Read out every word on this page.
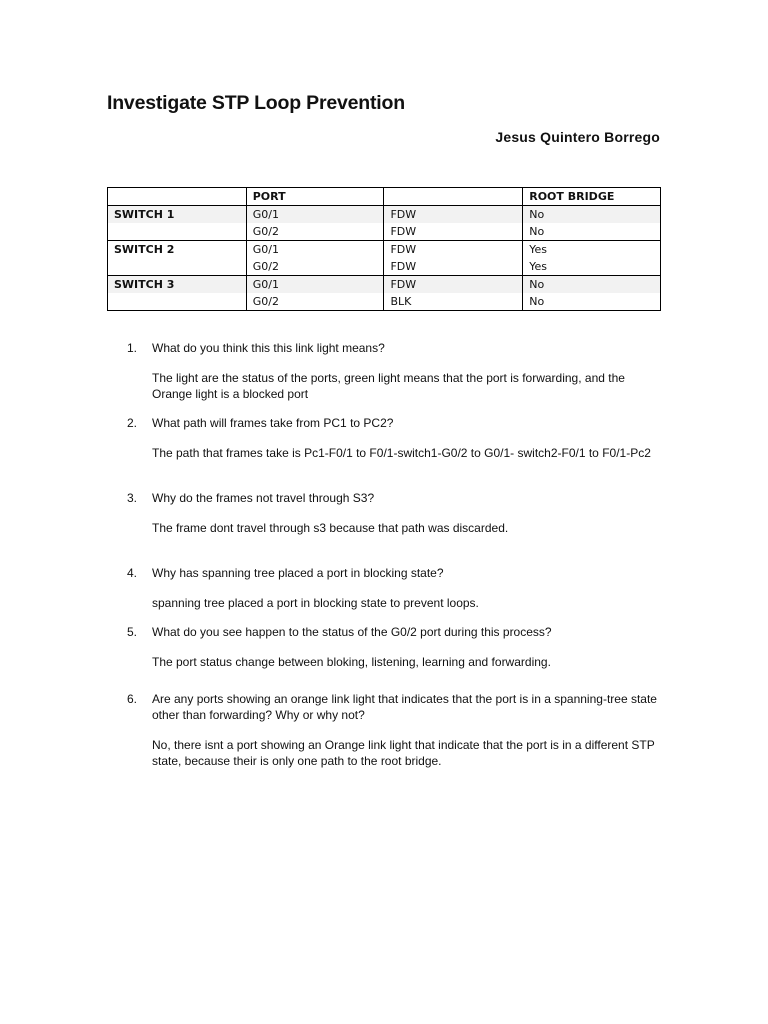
Investigate STP Loop Prevention
Jesus Quintero Borrego
	PORT		ROOT BRIDGE
SWITCH 1	G0/1	FDW	No
	G0/2	FDW	No
SWITCH 2	G0/1	FDW	Yes
	G0/2	FDW	Yes
SWITCH 3	G0/1	FDW	No
	G0/2	BLK	No
1. What do you think this this link light means?

The light are the status of the ports, green light means that the port is forwarding, and the Orange light is a blocked port

2. What path will frames take from PC1 to PC2?

The path that frames take is Pc1-F0/1 to F0/1-switch1-G0/2 to G0/1- switch2-F0/1 to F0/1-Pc2

3. Why do the frames not travel through S3?

The frame dont travel through s3 because that path was discarded.

4. Why has spanning tree placed a port in blocking state?

spanning tree placed a port in blocking state to prevent loops.

5. What do you see happen to the status of the G0/2 port during this process?

The port status change between bloking, listening, learning and forwarding.

6. Are any ports showing an orange link light that indicates that the port is in a spanning-tree state other than forwarding? Why or why not?

No, there isnt a port showing an Orange link light that indicate that the port is in a different STP state, because their is only one path to the root bridge.
